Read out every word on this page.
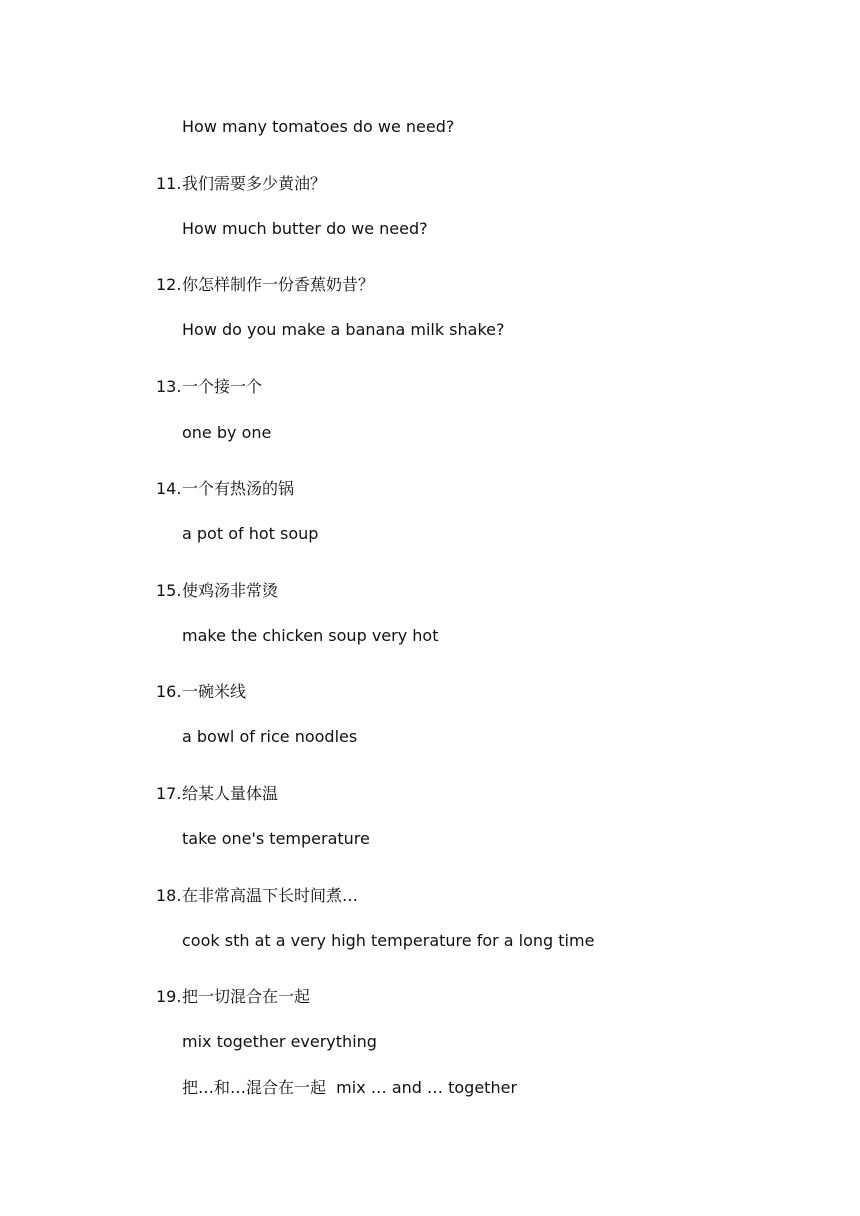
How many tomatoes do we need?
11.我们需要多少黄油？
How much butter do we need?
12.你怎样制作一份香蕉奶昔？
How do you make a banana milk shake?
13.一个接一个
one by one
14.一个有热汤的锅
a pot of hot soup
15.使鸡汤非常烫
make the chicken soup very hot
16.一碗米线
a bowl of rice noodles
17.给某人量体温
take one's temperature
18.在非常高温下长时间煮…
cook sth at a very high temperature for a long time
19.把一切混合在一起
mix together everything
把…和…混合在一起  mix … and … together
